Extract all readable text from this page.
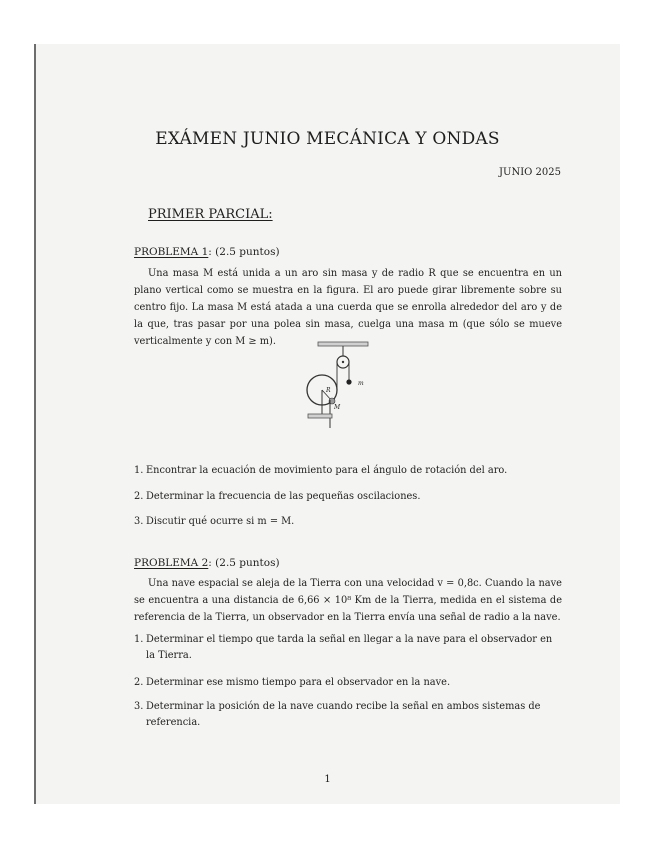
EXÁMEN JUNIO MECÁNICA Y ONDAS
JUNIO 2025
PRIMER PARCIAL:
PROBLEMA 1: (2.5 puntos)
Una masa M está unida a un aro sin masa y de radio R que se encuentra en un plano vertical como se muestra en la figura. El aro puede girar libremente sobre su centro fijo. La masa M está atada a una cuerda que se enrolla alrededor del aro y de la que, tras pasar por una polea sin masa, cuelga una masa m (que sólo se mueve verticalmente y con M ≥ m).
m
R
M
1. Encontrar la ecuación de movimiento para el ángulo de rotación del aro.
2. Determinar la frecuencia de las pequeñas oscilaciones.
3. Discutir qué ocurre si m = M.
PROBLEMA 2: (2.5 puntos)
Una nave espacial se aleja de la Tierra con una velocidad v = 0,8c. Cuando la nave se encuentra a una distancia de 6,66 × 10⁸ Km de la Tierra, medida en el sistema de referencia de la Tierra, un observador en la Tierra envía una señal de radio a la nave.
1. Determinar el tiempo que tarda la señal en llegar a la nave para el observador en la Tierra.
2. Determinar ese mismo tiempo para el observador en la nave.
3. Determinar la posición de la nave cuando recibe la señal en ambos sistemas de referencia.
1
